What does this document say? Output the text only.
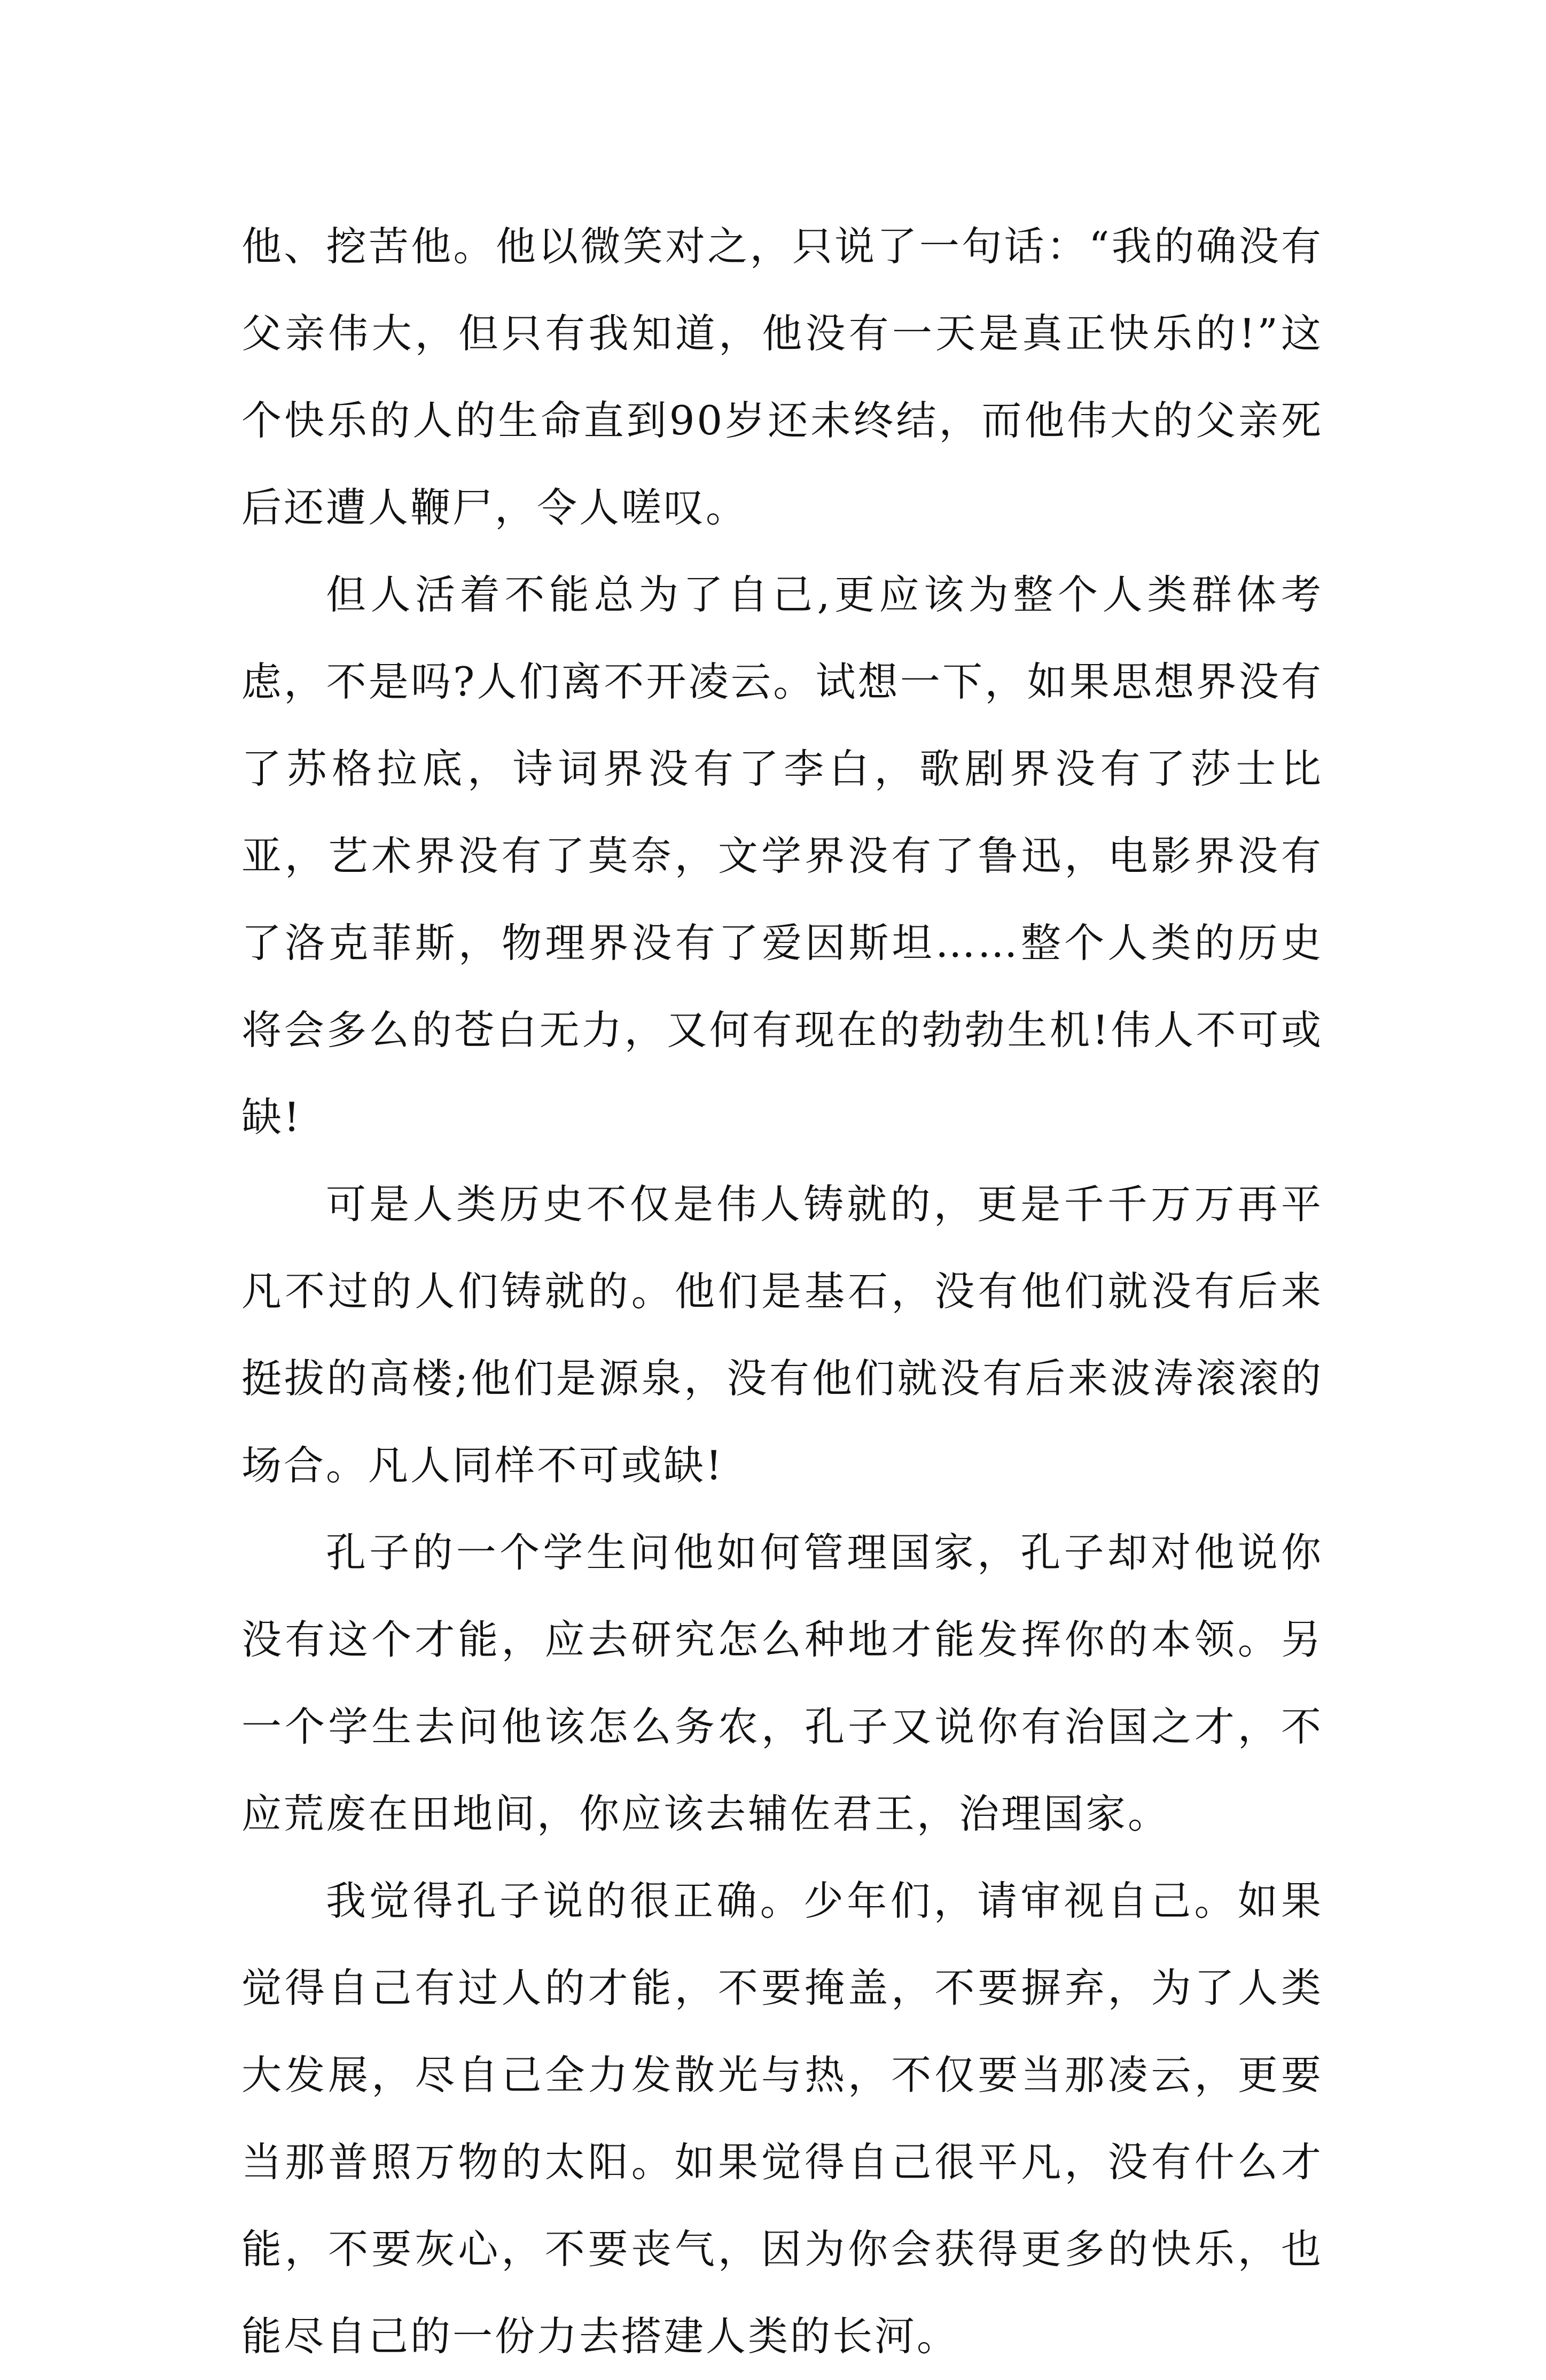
他、挖苦他。他以微笑对之，只说了一句话：“我的确没有父亲伟大，但只有我知道，他没有一天是真正快乐的!”这个快乐的人的生命直到90岁还未终结，而他伟大的父亲死后还遭人鞭尸，令人嗟叹。

但人活着不能总为了自己,更应该为整个人类群体考虑，不是吗?人们离不开凌云。试想一下，如果思想界没有了苏格拉底，诗词界没有了李白，歌剧界没有了莎士比亚，艺术界没有了莫奈，文学界没有了鲁迅，电影界没有了洛克菲斯，物理界没有了爱因斯坦……整个人类的历史将会多么的苍白无力，又何有现在的勃勃生机!伟人不可或缺!

可是人类历史不仅是伟人铸就的，更是千千万万再平凡不过的人们铸就的。他们是基石，没有他们就没有后来挺拔的高楼;他们是源泉，没有他们就没有后来波涛滚滚的场合。凡人同样不可或缺!

孔子的一个学生问他如何管理国家，孔子却对他说你没有这个才能，应去研究怎么种地才能发挥你的本领。另一个学生去问他该怎么务农，孔子又说你有治国之才，不应荒废在田地间，你应该去辅佐君王，治理国家。

我觉得孔子说的很正确。少年们，请审视自己。如果觉得自己有过人的才能，不要掩盖，不要摒弃，为了人类大发展，尽自己全力发散光与热，不仅要当那凌云，更要当那普照万物的太阳。如果觉得自己很平凡，没有什么才能，不要灰心，不要丧气，因为你会获得更多的快乐，也能尽自己的一份力去搭建人类的长河。
